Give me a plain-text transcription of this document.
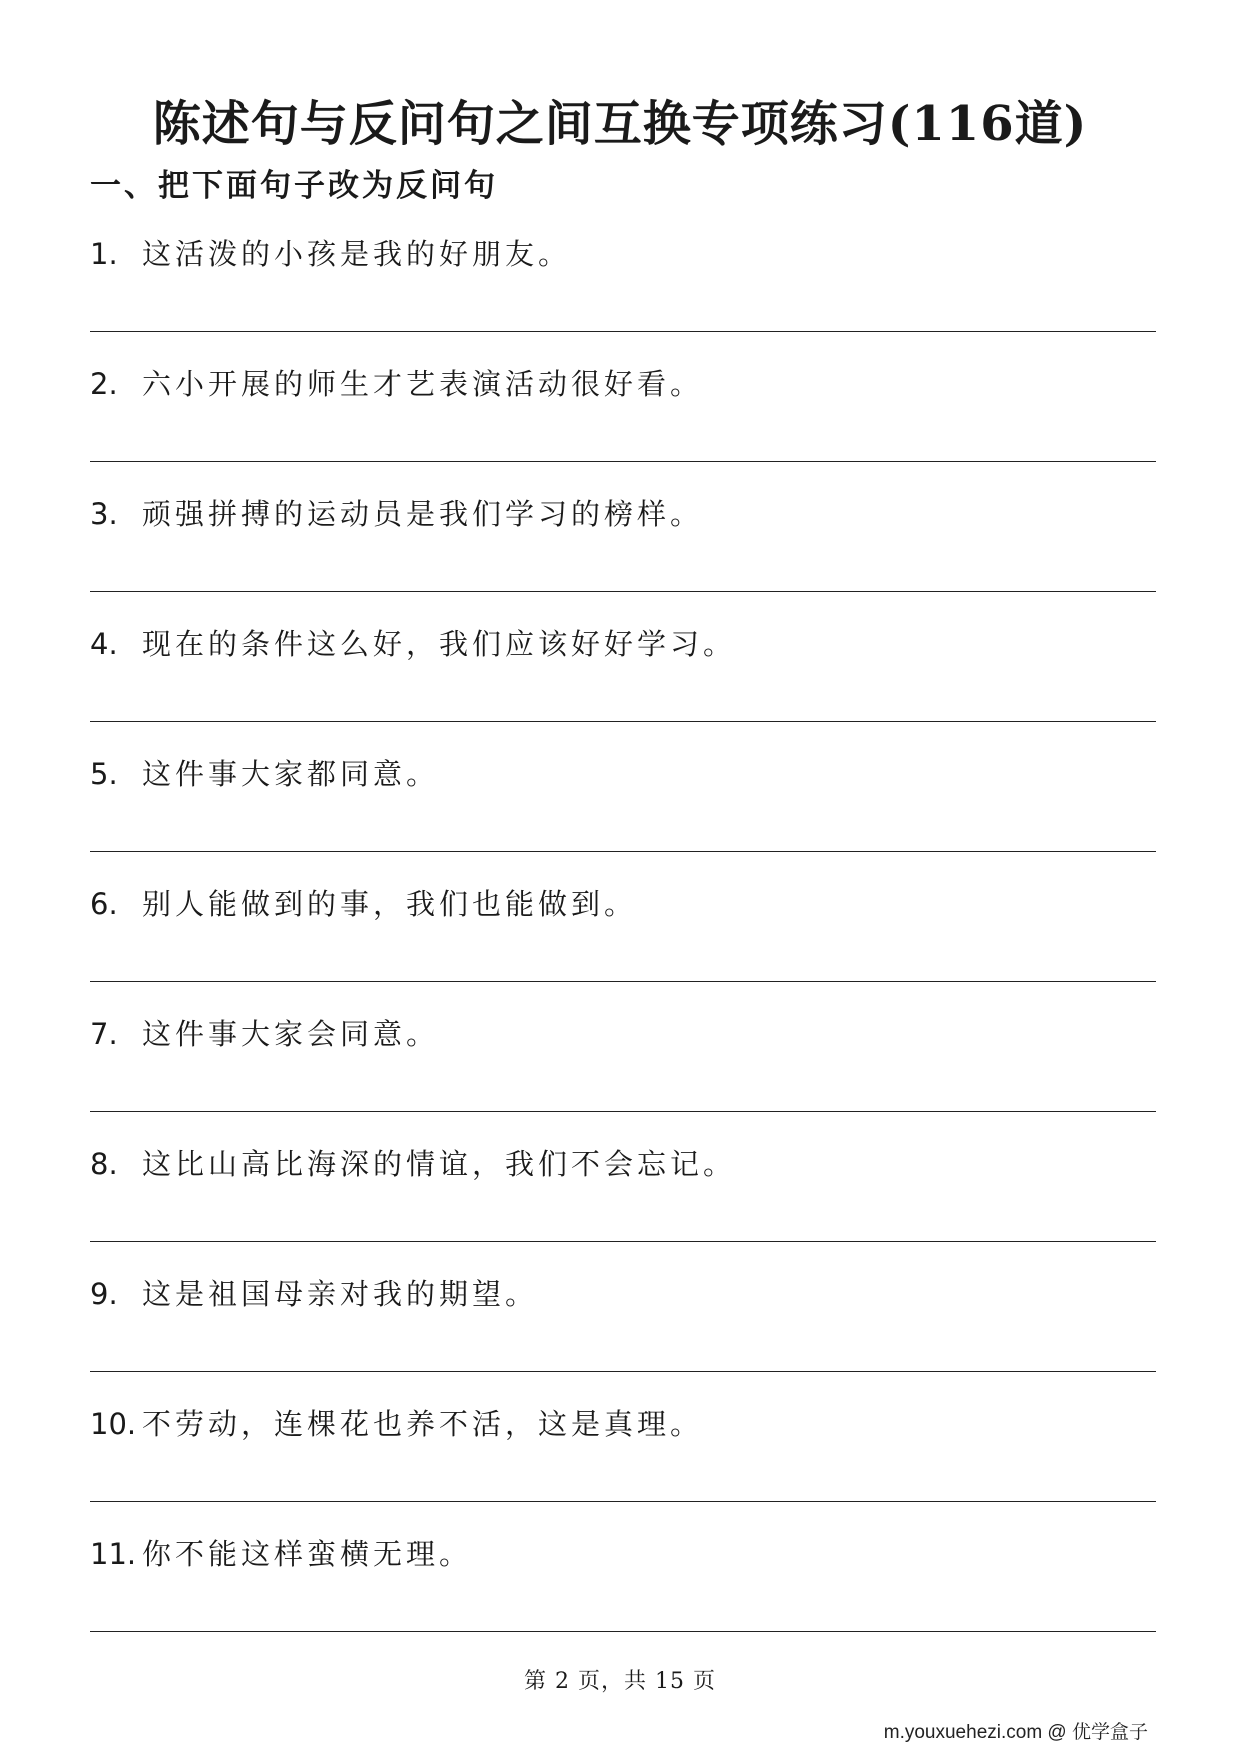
陈述句与反问句之间互换专项练习(116道)
一、把下面句子改为反问句
1. 这活泼的小孩是我的好朋友。
2. 六小开展的师生才艺表演活动很好看。
3. 顽强拼搏的运动员是我们学习的榜样。
4. 现在的条件这么好，我们应该好好学习。
5. 这件事大家都同意。
6. 别人能做到的事，我们也能做到。
7. 这件事大家会同意。
8. 这比山高比海深的情谊，我们不会忘记。
9. 这是祖国母亲对我的期望。
10. 不劳动，连棵花也养不活，这是真理。
11. 你不能这样蛮横无理。
第 2 页，共 15 页
m.youxuehezi.com @ 优学盒子
